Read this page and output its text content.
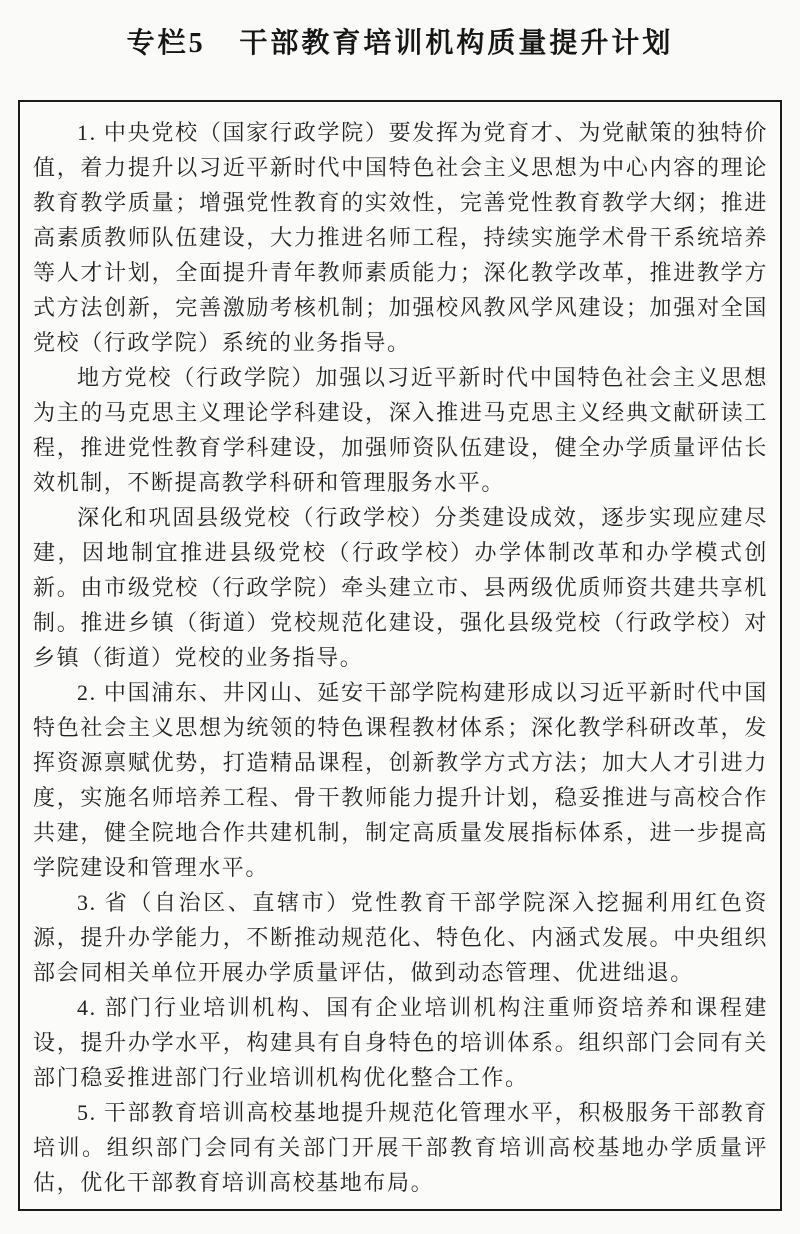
专栏5 干部教育培训机构质量提升计划

1. 中央党校（国家行政学院）要发挥为党育才、为党献策的独特价值，着力提升以习近平新时代中国特色社会主义思想为中心内容的理论教育教学质量；增强党性教育的实效性，完善党性教育教学大纲；推进高素质教师队伍建设，大力推进名师工程，持续实施学术骨干系统培养等人才计划，全面提升青年教师素质能力；深化教学改革，推进教学方式方法创新，完善激励考核机制；加强校风教风学风建设；加强对全国党校（行政学院）系统的业务指导。

地方党校（行政学院）加强以习近平新时代中国特色社会主义思想为主的马克思主义理论学科建设，深入推进马克思主义经典文献研读工程，推进党性教育学科建设，加强师资队伍建设，健全办学质量评估长效机制，不断提高教学科研和管理服务水平。

深化和巩固县级党校（行政学校）分类建设成效，逐步实现应建尽建，因地制宜推进县级党校（行政学校）办学体制改革和办学模式创新。由市级党校（行政学院）牵头建立市、县两级优质师资共建共享机制。推进乡镇（街道）党校规范化建设，强化县级党校（行政学校）对乡镇（街道）党校的业务指导。

2. 中国浦东、井冈山、延安干部学院构建形成以习近平新时代中国特色社会主义思想为统领的特色课程教材体系；深化教学科研改革，发挥资源禀赋优势，打造精品课程，创新教学方式方法；加大人才引进力度，实施名师培养工程、骨干教师能力提升计划，稳妥推进与高校合作共建，健全院地合作共建机制，制定高质量发展指标体系，进一步提高学院建设和管理水平。

3. 省（自治区、直辖市）党性教育干部学院深入挖掘利用红色资源，提升办学能力，不断推动规范化、特色化、内涵式发展。中央组织部会同相关单位开展办学质量评估，做到动态管理、优进绌退。

4. 部门行业培训机构、国有企业培训机构注重师资培养和课程建设，提升办学水平，构建具有自身特色的培训体系。组织部门会同有关部门稳妥推进部门行业培训机构优化整合工作。

5. 干部教育培训高校基地提升规范化管理水平，积极服务干部教育培训。组织部门会同有关部门开展干部教育培训高校基地办学质量评估，优化干部教育培训高校基地布局。
